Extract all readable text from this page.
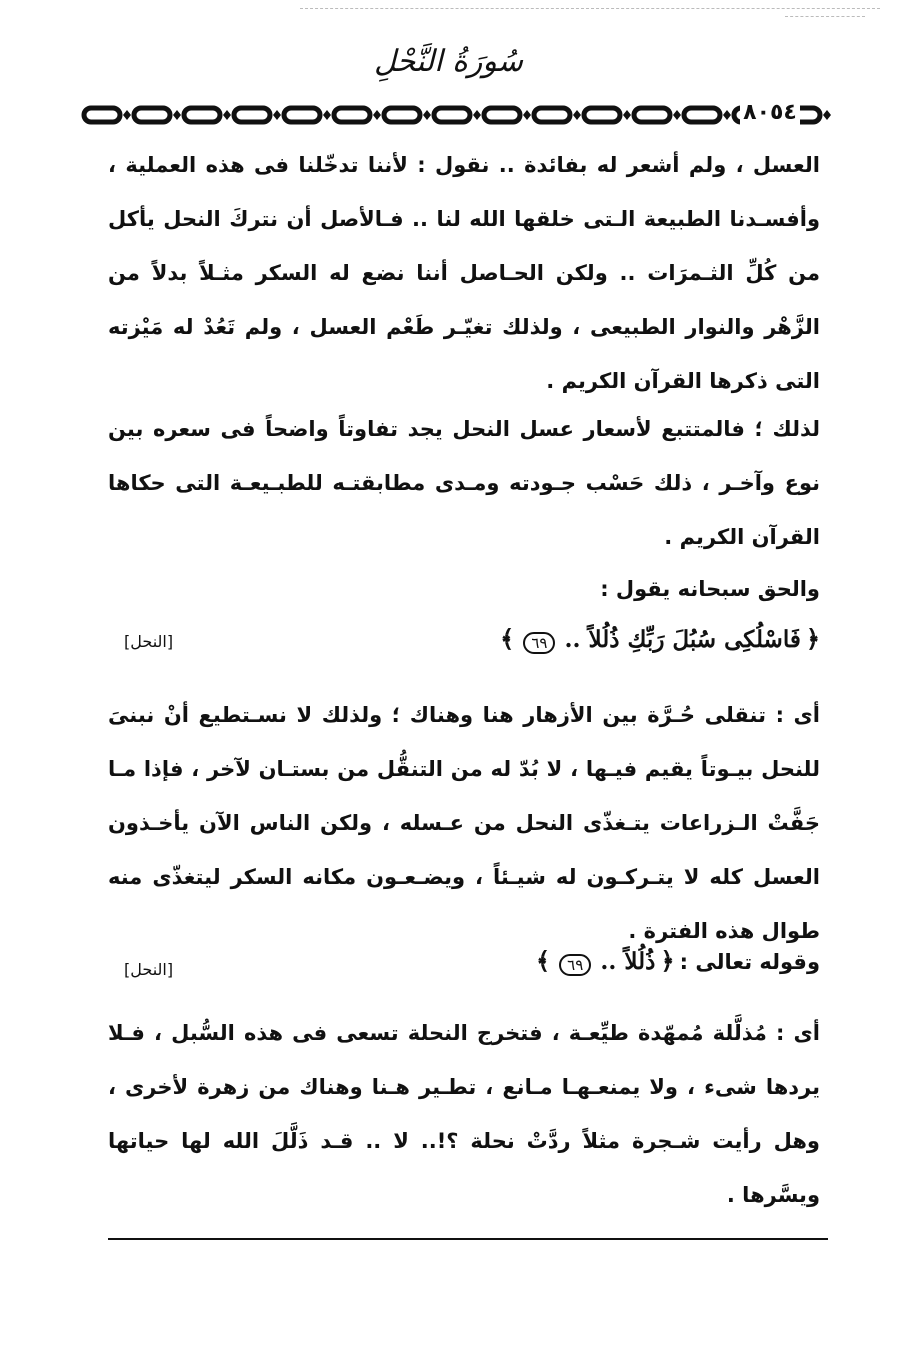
سُورَةُ النَّحْلِ
٨٠٥٤

العسل ، ولم أشعر له بفائدة .. نقول : لأننا تدخّلنا فى هذه العملية ، وأفسـدنا الطبيعة الـتى خلقها الله لنا .. فـالأصل أن نتركَ النحل يأكل من كُلِّ الثـمرَات .. ولكن الحـاصل أننا نضع له السكر مثـلاً بدلاً من الزَّهْر والنوار الطبيعى ، ولذلك تغيّـر طَعْم العسل ، ولم تَعُدْ له مَيْزته التى ذكرها القرآن الكريم .

لذلك ؛ فالمتتبع لأسعار عسل النحل يجد تفاوتاً واضحاً فى سعره بين نوع وآخـر ، ذلك حَسْب جـودته ومـدى مطابقتـه للطبـيعـة التى حكاها القرآن الكريم .

والحق سبحانه يقول :

﴿ فَاسْلُكِى سُبُلَ رَبِّكِ ذُلُلاً .. ٦٩ ﴾
[النحل]

أى : تنقلى حُـرَّة بين الأزهار هنا وهناك ؛ ولذلك لا نسـتطيع أنْ نبنىَ للنحل بيـوتاً يقيم فيـها ، لا بُدّ له من التنقُّل من بستـان لآخر ، فإذا مـا جَفَّتْ الـزراعات يتـغذّى النحل من عـسله ، ولكن الناس الآن يأخـذون العسل كله لا يتـركـون له شيـئاً ، ويضـعـون مكانه السكر ليتغذّى منه طوال هذه الفترة .

وقوله تعالى : ﴿ ذُلُلاً .. ٦٩ ﴾
[النحل]

أى : مُذلَّلة مُمهّدة طيِّعـة ، فتخرج النحلة تسعى فى هذه السُّبل ، فـلا يردها شىء ، ولا يمنعـهـا مـانع ، تطـير هـنا وهناك من زهرة لأخرى ، وهل رأيت شـجرة مثلاً ردَّتْ نحلة ؟!.. لا .. قـد ذَلَّلَ الله لها حياتها ويسَّرها .
